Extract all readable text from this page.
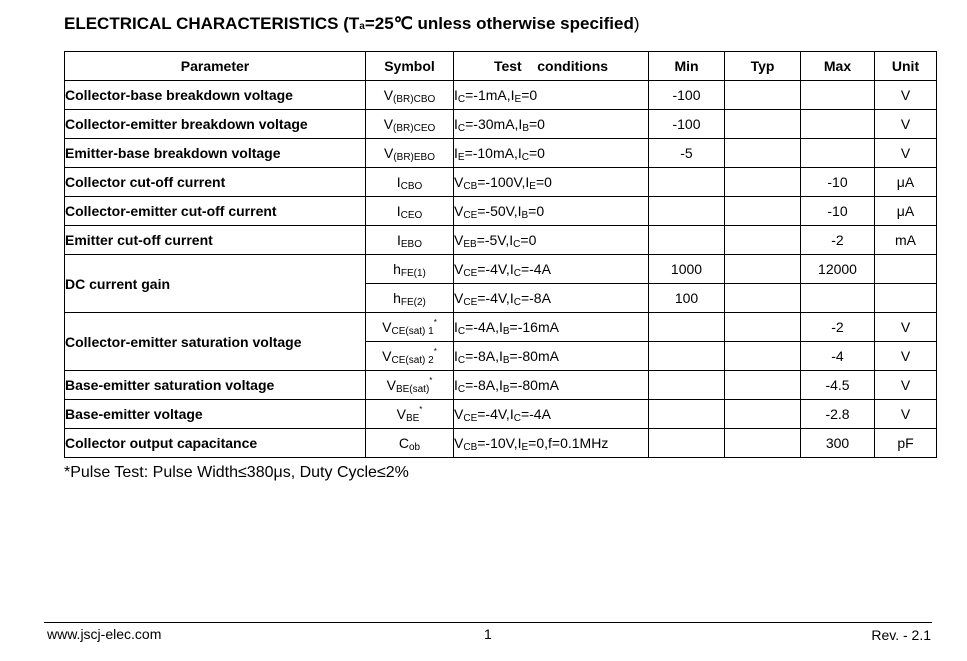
ELECTRICAL CHARACTERISTICS (Ta=25℃ unless otherwise specified)
Parameter	Symbol	Test    conditions	Min	Typ	Max	Unit
Collector-base breakdown voltage	$V_{(BR)CBO}$	$I_C=-1mA,I_E=0$	-100			V
Collector-emitter breakdown voltage	$V_{(BR)CEO}$	$I_C=-30mA,I_B=0$	-100			V
Emitter-base breakdown voltage	$V_{(BR)EBO}$	$I_E=-10mA,I_C=0$	-5			V
Collector cut-off current	$I_{CBO}$	$V_{CB}=-100V,I_E=0$			-10	μA
Collector-emitter cut-off current	$I_{CEO}$	$V_{CE}=-50V,I_B=0$			-10	μA
Emitter cut-off current	$I_{EBO}$	$V_{EB}=-5V,I_C=0$			-2	mA
DC current gain	$h_{FE(1)}$	$V_{CE}=-4V,I_C=-4A$	1000		12000	
	$h_{FE(2)}$	$V_{CE}=-4V,I_C=-8A$	100			
Collector-emitter saturation voltage	$V_{CE(sat) 1}^*$	$I_C=-4A,I_B=-16mA$			-2	V
	$V_{CE(sat) 2}^*$	$I_C=-8A,I_B=-80mA$			-4	V
Base-emitter saturation voltage	$V_{BE(sat)}^*$	$I_C=-8A,I_B=-80mA$			-4.5	V
Base-emitter voltage	$V_{BE}^*$	$V_{CE}=-4V,I_C=-4A$			-2.8	V
Collector output capacitance	$C_{ob}$	$V_{CB}=-10V,I_E=0,f=0.1MHz$			300	pF
*Pulse Test: Pulse Width≤380μs, Duty Cycle≤2%
www.jscj-elec.com	1	Rev. - 2.1
